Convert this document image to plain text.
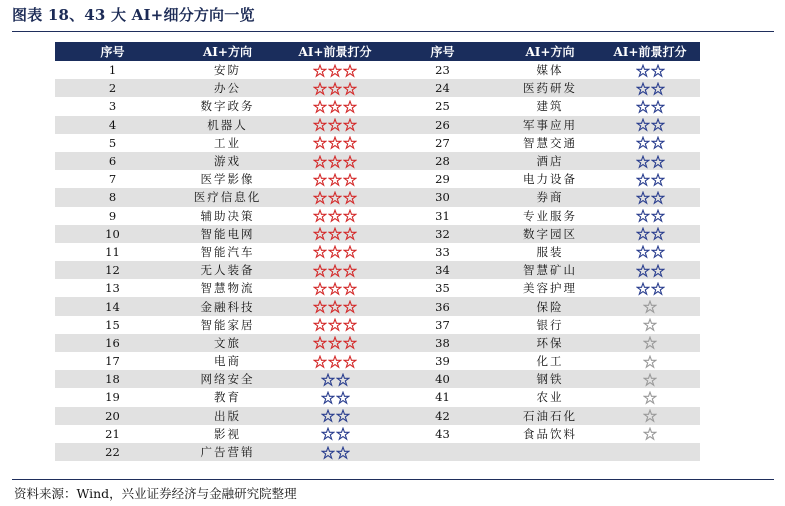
图表 18、43 大 AI+细分方向一览
序号	AI+方向	AI+前景打分	序号	AI+方向	AI+前景打分
1	安防		23	媒体	

2	办公		24	医药研发	

3	数字政务		25	建筑	

4	机器人		26	军事应用	

5	工业		27	智慧交通	

6	游戏		28	酒店	

7	医学影像		29	电力设备	

8	医疗信息化		30	券商	

9	辅助决策		31	专业服务	

10	智能电网		32	数字园区	

11	智能汽车		33	服装	

12	无人装备		34	智慧矿山	

13	智慧物流		35	美容护理	

14	金融科技		36	保险	

15	智能家居		37	银行	

16	文旅		38	环保	

17	电商		39	化工	

18	网络安全		40	钢铁	

19	教育		41	农业	

20	出版		42	石油石化	

21	影视		43	食品饮料	

22	广告营销	

资料来源：Wind，兴业证券经济与金融研究院整理
